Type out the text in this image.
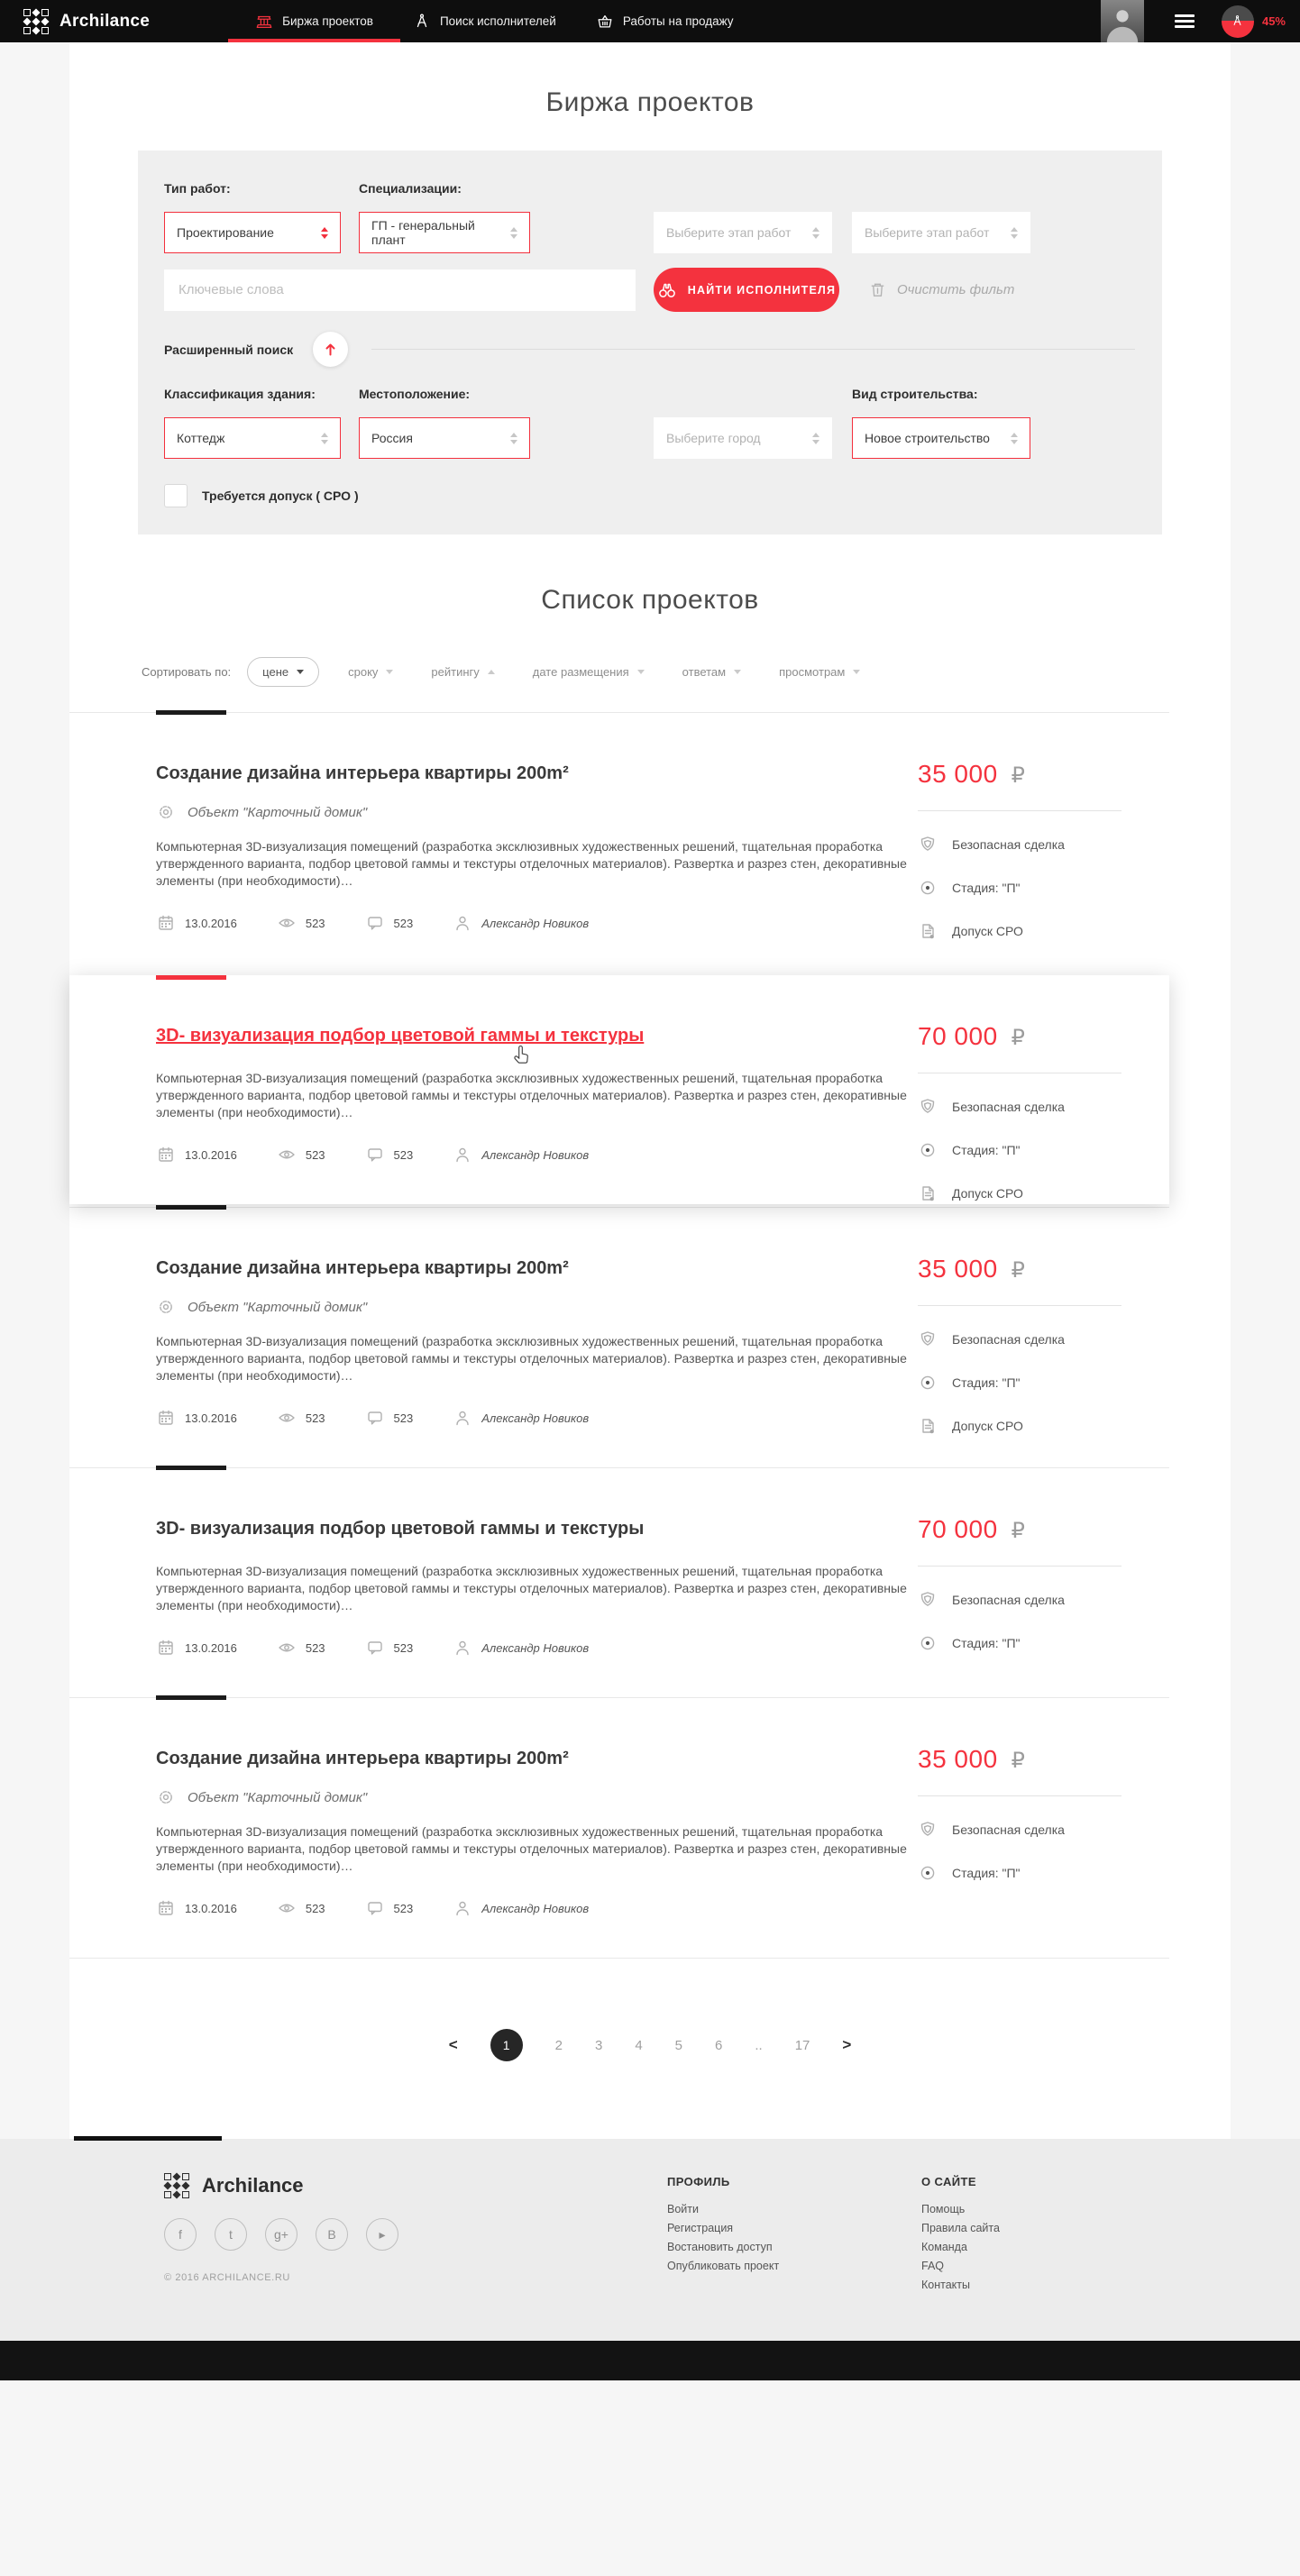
Archilance	Биржа проектов	Поиск исполнителей	Работы на продажу	45%
Биржа проектов
Тип работ:
Проектирование
Специализации:
ГП - генеральный плант	Выберите этап работ	Выберите этап работ
Ключевые слова
НАЙТИ ИСПОЛНИТЕЛЯ	Очистить фильт
Расширенный поиск
Классификация здания:
Коттедж
Местоположение:
Россия	Выберите город
Вид строительства:
Новое строительство
Требуется допуск ( СРО )
Список проектов
Сортировать по:	цене	сроку	рейтингу	дате размещения	ответам	просмотрам
Создание дизайна интерьера квартиры 200m²
Объект "Карточный домик"

Компьютерная 3D-визуализация помещений (разработка эксклюзивных художественных решений, тщательная проработка утвержденного варианта, подбор цветовой гаммы и текстуры отделочных материалов). Развертка и разрез стен, декоративные элементы (при необходимости)…

13.0.2016	523	523	Александр Новиков
35 000 ₽
Безопасная сделка
Стадия: "П"
Допуск СРО
3D- визуализация подбор цветовой гаммы и текстуры

Компьютерная 3D-визуализация помещений (разработка эксклюзивных художественных решений, тщательная проработка утвержденного варианта, подбор цветовой гаммы и текстуры отделочных материалов). Развертка и разрез стен, декоративные элементы (при необходимости)…

13.0.2016	523	523	Александр Новиков
70 000 ₽
Безопасная сделка
Стадия: "П"
Допуск СРО
Создание дизайна интерьера квартиры 200m²
Объект "Карточный домик"

Компьютерная 3D-визуализация помещений (разработка эксклюзивных художественных решений, тщательная проработка утвержденного варианта, подбор цветовой гаммы и текстуры отделочных материалов). Развертка и разрез стен, декоративные элементы (при необходимости)…

13.0.2016	523	523	Александр Новиков
35 000 ₽
Безопасная сделка
Стадия: "П"
Допуск СРО
3D- визуализация подбор цветовой гаммы и текстуры

Компьютерная 3D-визуализация помещений (разработка эксклюзивных художественных решений, тщательная проработка утвержденного варианта, подбор цветовой гаммы и текстуры отделочных материалов). Развертка и разрез стен, декоративные элементы (при необходимости)…

13.0.2016	523	523	Александр Новиков
70 000 ₽
Безопасная сделка
Стадия: "П"
Создание дизайна интерьера квартиры 200m²
Объект "Карточный домик"

Компьютерная 3D-визуализация помещений (разработка эксклюзивных художественных решений, тщательная проработка утвержденного варианта, подбор цветовой гаммы и текстуры отделочных материалов). Развертка и разрез стен, декоративные элементы (при необходимости)…

13.0.2016	523	523	Александр Новиков
35 000 ₽
Безопасная сделка
Стадия: "П"
<	1	2 3 4 5 6 .. 17 >
Archilance
f	t	g+	В	▸
© 2016 ARCHILANCE.RU
ПРОФИЛЬ
Войти
Регистрация
Востановить доступ
Опубликовать проект
О САЙТЕ
Помощь
Правила сайта
Команда
FAQ
Контакты
